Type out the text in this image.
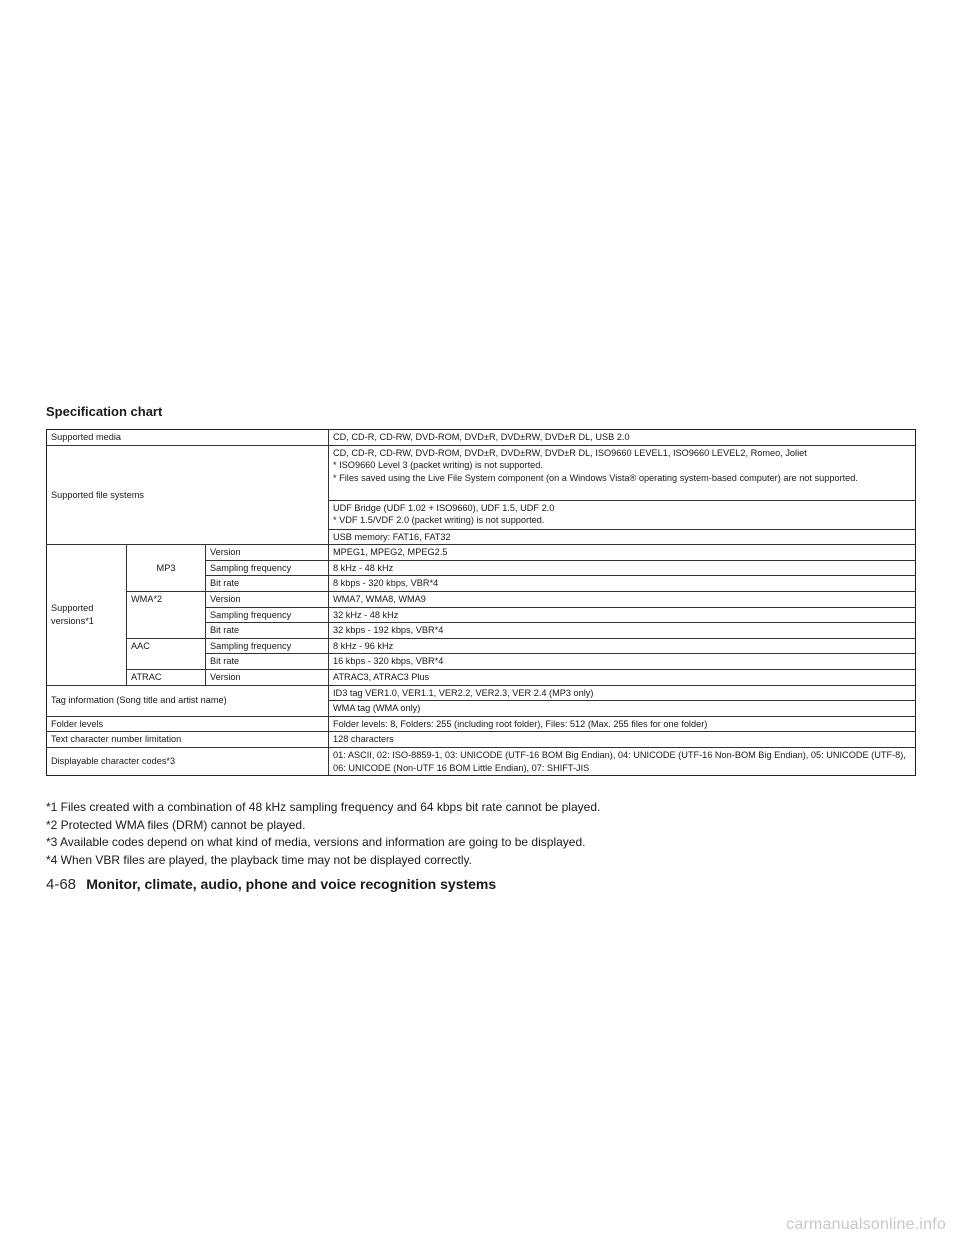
Specification chart
Supported media			CD, CD-R, CD-RW, DVD-ROM, DVD±R, DVD±RW, DVD±R DL, USB 2.0
Supported file systems			CD, CD-R, CD-RW, DVD-ROM, DVD±R, DVD±RW, DVD±R DL, ISO9660 LEVEL1, ISO9660 LEVEL2, Romeo, Joliet
* ISO9660 Level 3 (packet writing) is not supported.
* Files saved using the Live File System component (on a Windows Vista® operating system-based computer) are not supported.

			UDF Bridge (UDF 1.02 + ISO9660), UDF 1.5, UDF 2.0
* VDF 1.5/VDF 2.0 (packet writing) is not supported.

			USB memory: FAT16, FAT32
Supported versions*1	MP3	Version	MPEG1, MPEG2, MPEG2.5
		Sampling frequency	8 kHz - 48 kHz
		Bit rate	8 kbps - 320 kbps, VBR*4
	WMA*2	Version	WMA7, WMA8, WMA9
		Sampling frequency	32 kHz - 48 kHz
		Bit rate	32 kbps - 192 kbps, VBR*4
	AAC	Sampling frequency	8 kHz - 96 kHz
		Bit rate	16 kbps - 320 kbps, VBR*4
	ATRAC	Version	ATRAC3, ATRAC3 Plus
Tag information (Song title and artist name)			ID3 tag VER1.0, VER1.1, VER2.2, VER2.3, VER 2.4 (MP3 only)
			WMA tag (WMA only)
Folder levels			Folder levels: 8, Folders: 255 (including root folder), Files: 512 (Max. 255 files for one folder)
Text character number limitation			128 characters
Displayable character codes*3			01: ASCII, 02: ISO-8859-1, 03: UNICODE (UTF-16 BOM Big Endian), 04: UNICODE (UTF-16 Non-BOM Big Endian), 05: UNICODE (UTF-8), 06: UNICODE (Non-UTF 16 BOM Little Endian), 07: SHIFT-JIS
*1 Files created with a combination of 48 kHz sampling frequency and 64 kbps bit rate cannot be played.
*2 Protected WMA files (DRM) cannot be played.
*3 Available codes depend on what kind of media, versions and information are going to be displayed.
*4 When VBR files are played, the playback time may not be displayed correctly.
4-68 Monitor, climate, audio, phone and voice recognition systems
carmanualsonline.info
